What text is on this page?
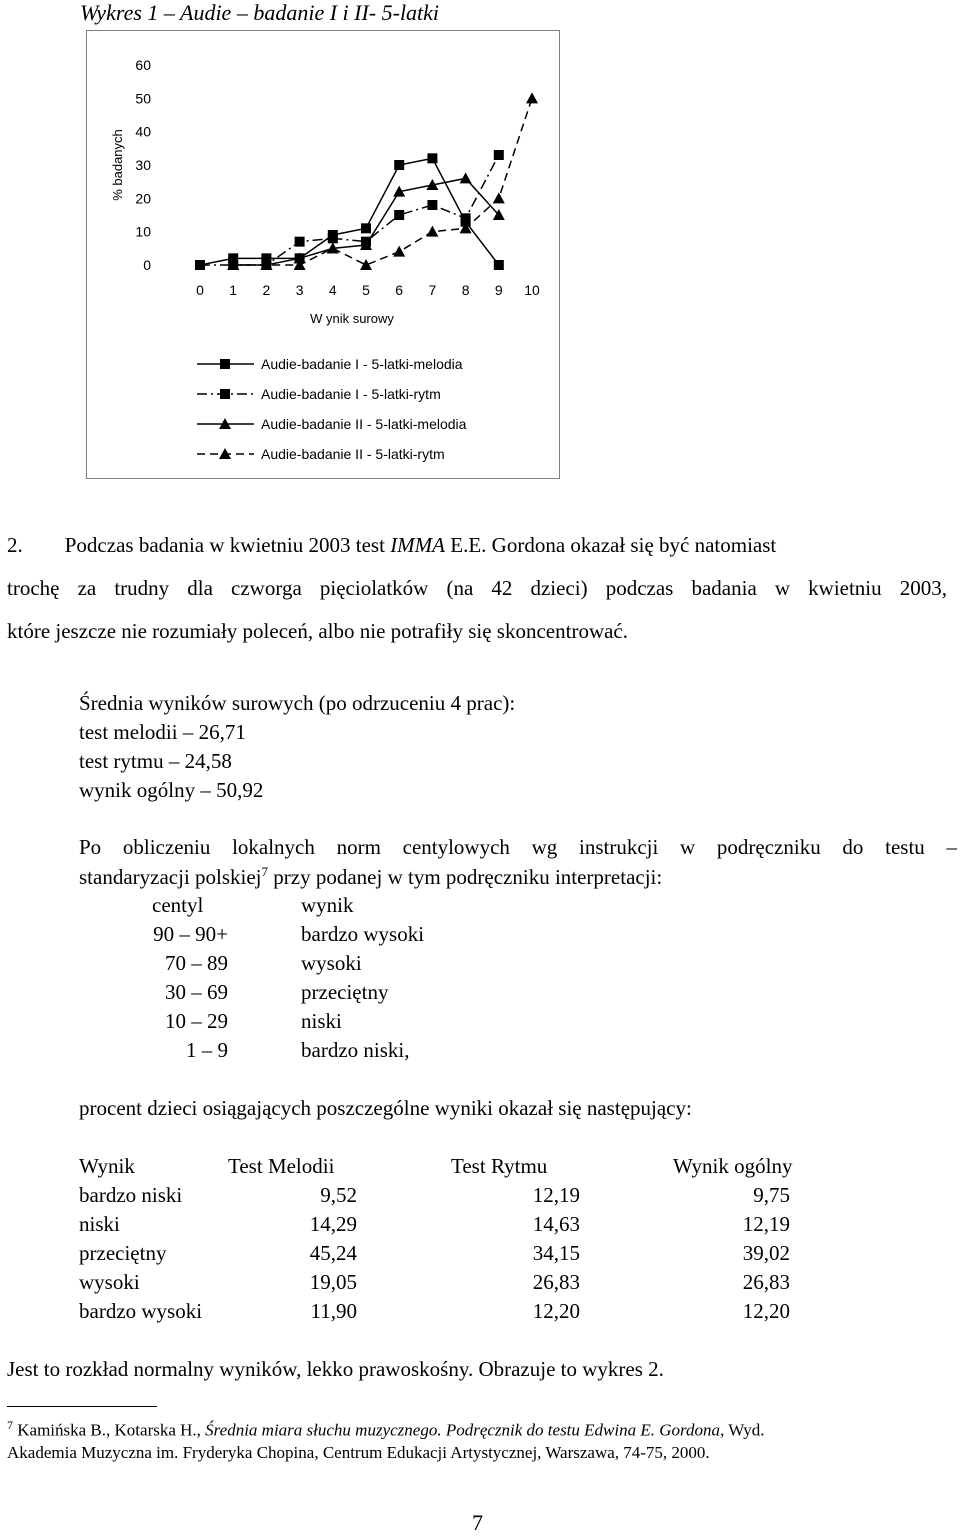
Wykres 1 – Audie – badanie I i II- 5-latki
% badanych
W ynik surowy
0
10
20
30
40
50
60
0 1 2 3 4 5 6 7 8 9 10
Audie-badanie I - 5-latki-melodia
Audie-badanie I - 5-latki-rytm
Audie-badanie II - 5-latki-melodia
Audie-badanie II - 5-latki-rytm
2. Podczas badania w kwietniu 2003 test IMMA E.E. Gordona okazał się być natomiast
trochę za trudny dla czworga pięciolatków (na 42 dzieci) podczas badania w kwietniu 2003,
które jeszcze nie rozumiały poleceń, albo nie potrafiły się skoncentrować.
Średnia wyników surowych (po odrzuceniu 4 prac):
test melodii – 26,71
test rytmu – 24,58
wynik ogólny – 50,92
Po obliczeniu lokalnych norm centylowych wg instrukcji w podręczniku do testu –
standaryzacji polskiej$^7$ przy podanej w tym podręczniku interpretacji:
centyl	wynik
90 – 90+	bardzo wysoki
70 – 89	wysoki
30 – 69	przeciętny
10 – 29	niski
1 – 9	bardzo niski,
procent dzieci osiągających poszczególne wyniki okazał się następujący:
Wynik	Test Melodii	Test Rytmu	Wynik ogólny
bardzo niski	9,52	12,19	9,75
niski	14,29	14,63	12,19
przeciętny	45,24	34,15	39,02
wysoki	19,05	26,83	26,83
bardzo wysoki	11,90	12,20	12,20
Jest to rozkład normalny wyników, lekko prawoskośny. Obrazuje to wykres 2.
$^7$ Kamińska B., Kotarska H., Średnia miara słuchu muzycznego. Podręcznik do testu Edwina E. Gordona, Wyd.
Akademia Muzyczna im. Fryderyka Chopina, Centrum Edukacji Artystycznej, Warszawa, 74-75, 2000.
7
